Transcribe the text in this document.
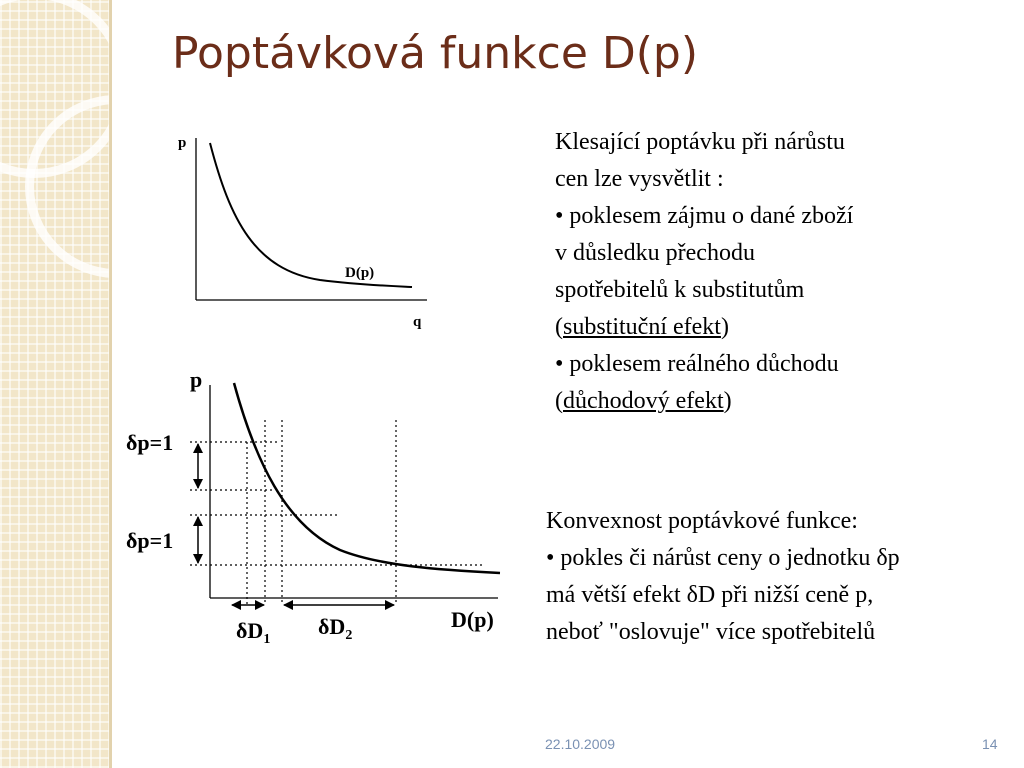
Poptávková funkce D(p)
p
q
D(p)
p
D(p)
δp=1
δp=1
$\delta D_1$
$\delta D_2$
Klesající poptávku při nárůstu
cen lze vysvětlit :
• poklesem zájmu o dané zboží
v důsledku přechodu
spotřebitelů k substitutům
(substituční efekt)
• poklesem reálného důchodu
(důchodový efekt)
Konvexnost poptávkové funkce:
• pokles či nárůst ceny o jednotku δp
má větší efekt δD při nižší ceně p,
neboť "oslovuje" více spotřebitelů
22.10.2009	14
